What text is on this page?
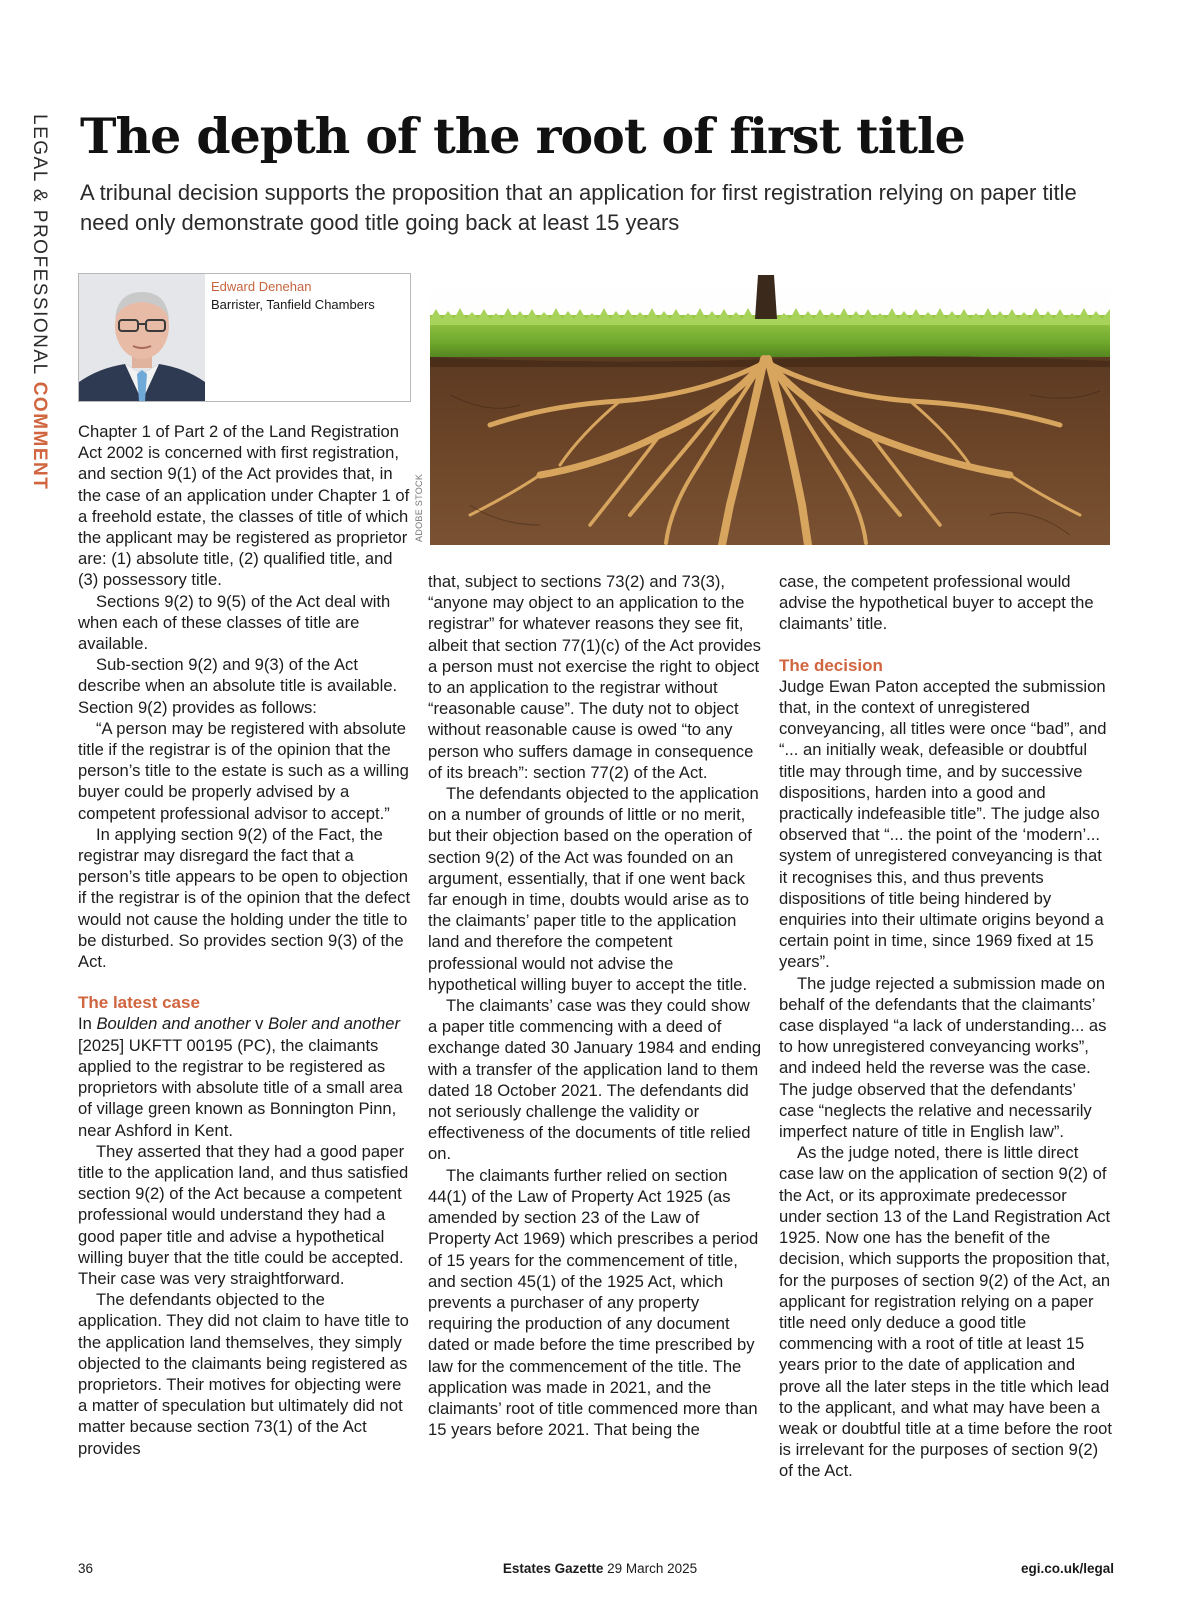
LEGAL & PROFESSIONAL COMMENT
The depth of the root of first title
A tribunal decision supports the proposition that an application for first registration relying on paper title need only demonstrate good title going back at least 15 years
Edward Denehan
Barrister, Tanfield Chambers
ADOBE STOCK

Chapter 1 of Part 2 of the Land Registration Act 2002 is concerned with first registration, and section 9(1) of the Act provides that, in the case of an application under Chapter 1 of a freehold estate, the classes of title of which the applicant may be registered as proprietor are: (1) absolute title, (2) qualified title, and (3) possessory title.

Sections 9(2) to 9(5) of the Act deal with when each of these classes of title are available.

Sub-section 9(2) and 9(3) of the Act describe when an absolute title is available. Section 9(2) provides as follows:

“A person may be registered with absolute title if the registrar is of the opinion that the person’s title to the estate is such as a willing buyer could be properly advised by a competent professional advisor to accept.”

In applying section 9(2) of the Fact, the registrar may disregard the fact that a person’s title appears to be open to objection if the registrar is of the opinion that the defect would not cause the holding under the title to be disturbed. So provides section 9(3) of the Act.

The latest case

In Boulden and another v Boler and another [2025] UKFTT 00195 (PC), the claimants applied to the registrar to be registered as proprietors with absolute title of a small area of village green known as Bonnington Pinn, near Ashford in Kent.

They asserted that they had a good paper title to the application land, and thus satisfied section 9(2) of the Act because a competent professional would understand they had a good paper title and advise a hypothetical willing buyer that the title could be accepted. Their case was very straightforward.

The defendants objected to the application. They did not claim to have title to the application land themselves, they simply objected to the claimants being registered as proprietors. Their motives for objecting were a matter of speculation but ultimately did not matter because section 73(1) of the Act provides

that, subject to sections 73(2) and 73(3), “anyone may object to an application to the registrar” for whatever reasons they see fit, albeit that section 77(1)(c) of the Act provides a person must not exercise the right to object to an application to the registrar without “reasonable cause”. The duty not to object without reasonable cause is owed “to any person who suffers damage in consequence of its breach”: section 77(2) of the Act.

The defendants objected to the application on a number of grounds of little or no merit, but their objection based on the operation of section 9(2) of the Act was founded on an argument, essentially, that if one went back far enough in time, doubts would arise as to the claimants’ paper title to the application land and therefore the competent professional would not advise the hypothetical willing buyer to accept the title.

The claimants’ case was they could show a paper title commencing with a deed of exchange dated 30 January 1984 and ending with a transfer of the application land to them dated 18 October 2021. The defendants did not seriously challenge the validity or effectiveness of the documents of title relied on.

The claimants further relied on section 44(1) of the Law of Property Act 1925 (as amended by section 23 of the Law of Property Act 1969) which prescribes a period of 15 years for the commencement of title, and section 45(1) of the 1925 Act, which prevents a purchaser of any property requiring the production of any document dated or made before the time prescribed by law for the commencement of the title. The application was made in 2021, and the claimants’ root of title commenced more than 15 years before 2021. That being the

case, the competent professional would advise the hypothetical buyer to accept the claimants’ title.

The decision

Judge Ewan Paton accepted the submission that, in the context of unregistered conveyancing, all titles were once “bad”, and “... an initially weak, defeasible or doubtful title may through time, and by successive dispositions, harden into a good and practically indefeasible title”. The judge also observed that “... the point of the ‘modern’... system of unregistered conveyancing is that it recognises this, and thus prevents dispositions of title being hindered by enquiries into their ultimate origins beyond a certain point in time, since 1969 fixed at 15 years”.

The judge rejected a submission made on behalf of the defendants that the claimants’ case displayed “a lack of understanding... as to how unregistered conveyancing works”, and indeed held the reverse was the case. The judge observed that the defendants’ case “neglects the relative and necessarily imperfect nature of title in English law”.

As the judge noted, there is little direct case law on the application of section 9(2) of the Act, or its approximate predecessor under section 13 of the Land Registration Act 1925. Now one has the benefit of the decision, which supports the proposition that, for the purposes of section 9(2) of the Act, an applicant for registration relying on a paper title need only deduce a good title commencing with a root of title at least 15 years prior to the date of application and prove all the later steps in the title which lead to the applicant, and what may have been a weak or doubtful title at a time before the root is irrelevant for the purposes of section 9(2) of the Act.

36	Estates Gazette 29 March 2025	egi.co.uk/legal
